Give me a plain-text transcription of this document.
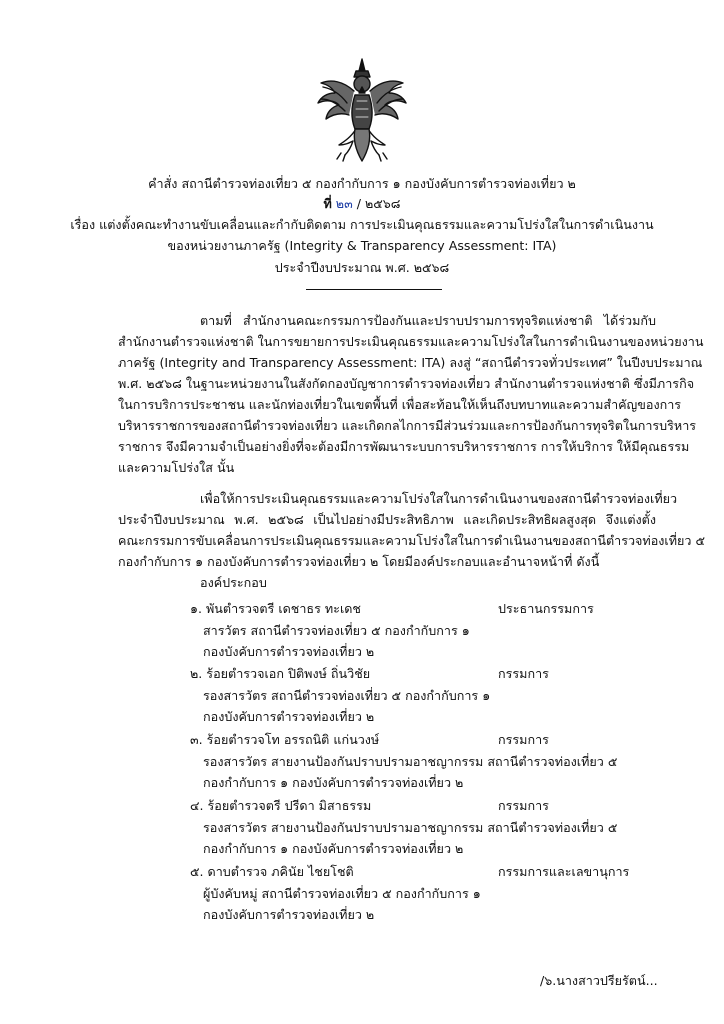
คำสั่ง สถานีตำรวจท่องเที่ยว ๕ กองกำกับการ ๑ กองบังคับการตำรวจท่องเที่ยว ๒
ที่ ๒๓ / ๒๕๖๘
เรื่อง แต่งตั้งคณะทำงานขับเคลื่อนและกำกับติดตาม การประเมินคุณธรรมและความโปร่งใสในการดำเนินงาน
ของหน่วยงานภาครัฐ (Integrity & Transparency Assessment: ITA)
ประจำปีงบประมาณ พ.ศ. ๒๕๖๘
ตามที่ สำนักงานคณะกรรมการป้องกันและปราบปรามการทุจริตแห่งชาติ ได้ร่วมกับ
สำนักงานตำรวจแห่งชาติ ในการขยายการประเมินคุณธรรมและความโปร่งใสในการดำเนินงานของหน่วยงาน
ภาครัฐ (Integrity and Transparency Assessment: ITA) ลงสู่ “สถานีตำรวจทั่วประเทศ” ในปีงบประมาณ
พ.ศ. ๒๕๖๘ ในฐานะหน่วยงานในสังกัดกองบัญชาการตำรวจท่องเที่ยว สำนักงานตำรวจแห่งชาติ ซึ่งมีภารกิจ
ในการบริการประชาชน และนักท่องเที่ยวในเขตพื้นที่ เพื่อสะท้อนให้เห็นถึงบทบาทและความสำคัญของการ
บริหารราชการของสถานีตำรวจท่องเที่ยว และเกิดกลไกการมีส่วนร่วมและการป้องกันการทุจริตในการบริหาร
ราชการ จึงมีความจำเป็นอย่างยิ่งที่จะต้องมีการพัฒนาระบบการบริหารราชการ การให้บริการ ให้มีคุณธรรม
และความโปร่งใส นั้น
เพื่อให้การประเมินคุณธรรมและความโปร่งใสในการดำเนินงานของสถานีตำรวจท่องเที่ยว
ประจำปีงบประมาณ พ.ศ. ๒๕๖๘ เป็นไปอย่างมีประสิทธิภาพ และเกิดประสิทธิผลสูงสุด จึงแต่งตั้ง
คณะกรรมการขับเคลื่อนการประเมินคุณธรรมและความโปร่งใสในการดำเนินงานของสถานีตำรวจท่องเที่ยว ๕
กองกำกับการ ๑ กองบังคับการตำรวจท่องเที่ยว ๒ โดยมีองค์ประกอบและอำนาจหน้าที่ ดังนี้
องค์ประกอบ
๑. พันตำรวจตรี เดชาธร ทะเดช	ประธานกรรมการ
สารวัตร สถานีตำรวจท่องเที่ยว ๕ กองกำกับการ ๑
กองบังคับการตำรวจท่องเที่ยว ๒
๒. ร้อยตำรวจเอก ปิติพงษ์ ถิ่นวิชัย	กรรมการ
รองสารวัตร สถานีตำรวจท่องเที่ยว ๕ กองกำกับการ ๑
กองบังคับการตำรวจท่องเที่ยว ๒
๓. ร้อยตำรวจโท อรรถนิติ แก่นวงษ์	กรรมการ
รองสารวัตร สายงานป้องกันปราบปรามอาชญากรรม สถานีตำรวจท่องเที่ยว ๕
กองกำกับการ ๑ กองบังคับการตำรวจท่องเที่ยว ๒
๔. ร้อยตำรวจตรี ปรีดา มิสาธรรม	กรรมการ
รองสารวัตร สายงานป้องกันปราบปรามอาชญากรรม สถานีตำรวจท่องเที่ยว ๕
กองกำกับการ ๑ กองบังคับการตำรวจท่องเที่ยว ๒
๕. ดาบตำรวจ ภคินัย ไชยโชติ	กรรมการและเลขานุการ
ผู้บังคับหมู่ สถานีตำรวจท่องเที่ยว ๕ กองกำกับการ ๑
กองบังคับการตำรวจท่องเที่ยว ๒
/๖.นางสาวปรียรัตน์...
